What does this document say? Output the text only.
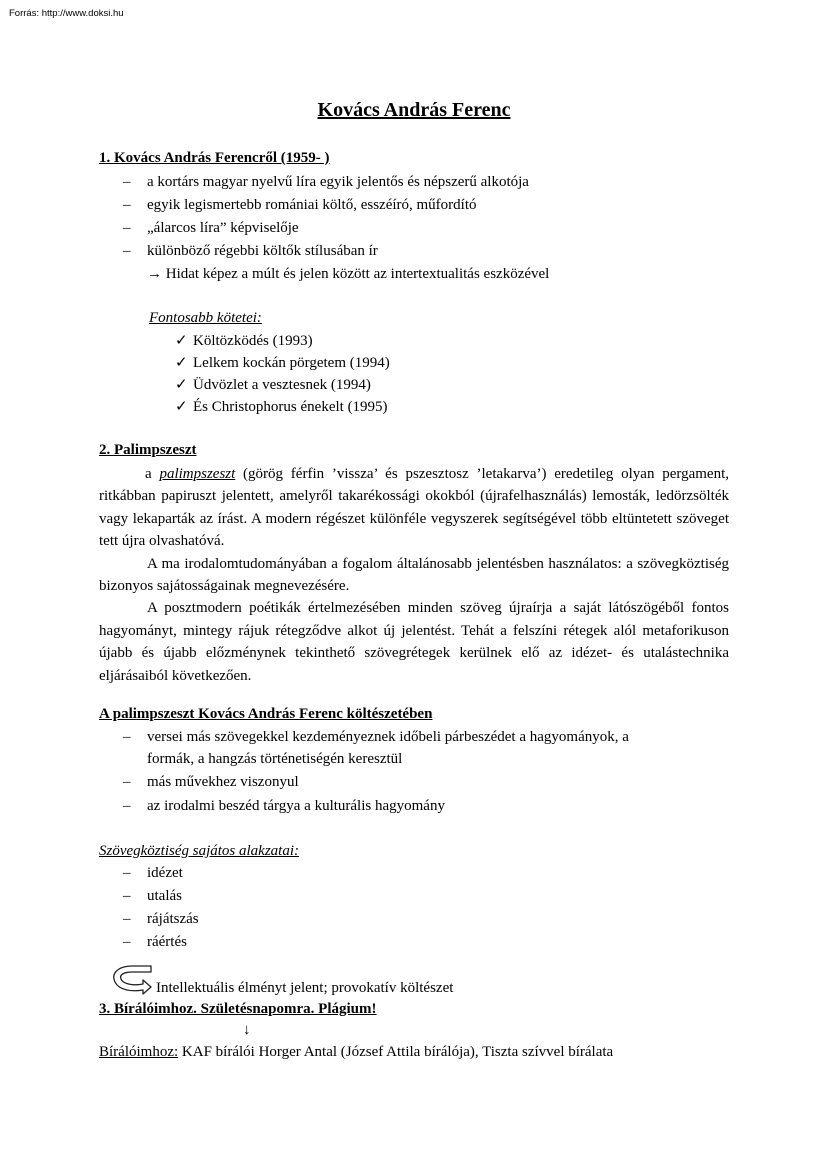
Forrás: http://www.doksi.hu
Kovács András Ferenc
1. Kovács András Ferencről (1959- )
– a kortárs magyar nyelvű líra egyik jelentős és népszerű alkotója
– egyik legismertebb romániai költő, esszéíró, műfordító
– „álarcos líra” képviselője
– különböző régebbi költők stílusában ír
→ Hidat képez a múlt és jelen között az intertextualitás eszközével
Fontosabb kötetei:
✓ Költözködés (1993)
✓ Lelkem kockán pörgetem (1994)
✓ Üdvözlet a vesztesnek (1994)
✓ És Christophorus énekelt (1995)
2. Palimpszeszt

a palimpszeszt (görög férfin ’vissza’ és pszesztosz ’letakarva’) eredetileg olyan pergament, ritkábban papiruszt jelentett, amelyről takarékossági okokból (újrafelhasználás) lemosták, ledörzsölték vagy lekaparták az írást. A modern régészet különféle vegyszerek segítségével több eltüntetett szöveget tett újra olvashatóvá.

A ma irodalomtudományában a fogalom általánosabb jelentésben használatos: a szövegköztiség bizonyos sajátosságainak megnevezésére.

A posztmodern poétikák értelmezésében minden szöveg újraírja a saját látószögéből fontos hagyományt, mintegy rájuk rétegződve alkot új jelentést. Tehát a felszíni rétegek alól metaforikuson újabb és újabb előzménynek tekinthető szövegrétegek kerülnek elő az idézet- és utalástechnika eljárásaiból következően.

A palimpszeszt Kovács András Ferenc költészetében
– versei más szövegekkel kezdeményeznek időbeli párbeszédet a hagyományok, a
formák, a hangzás történetiségén keresztül
– más művekhez viszonyul
– az irodalmi beszéd tárgya a kulturális hagyomány
Szövegköztiség sajátos alakzatai:
– idézet
– utalás
– rájátszás
– ráértés
Intellektuális élményt jelent; provokatív költészet
3. Bírálóimhoz. Születésnapomra. Plágium!
↓
Bírálóimhoz: KAF bírálói Horger Antal (József Attila bírálója), Tiszta szívvel bírálata
